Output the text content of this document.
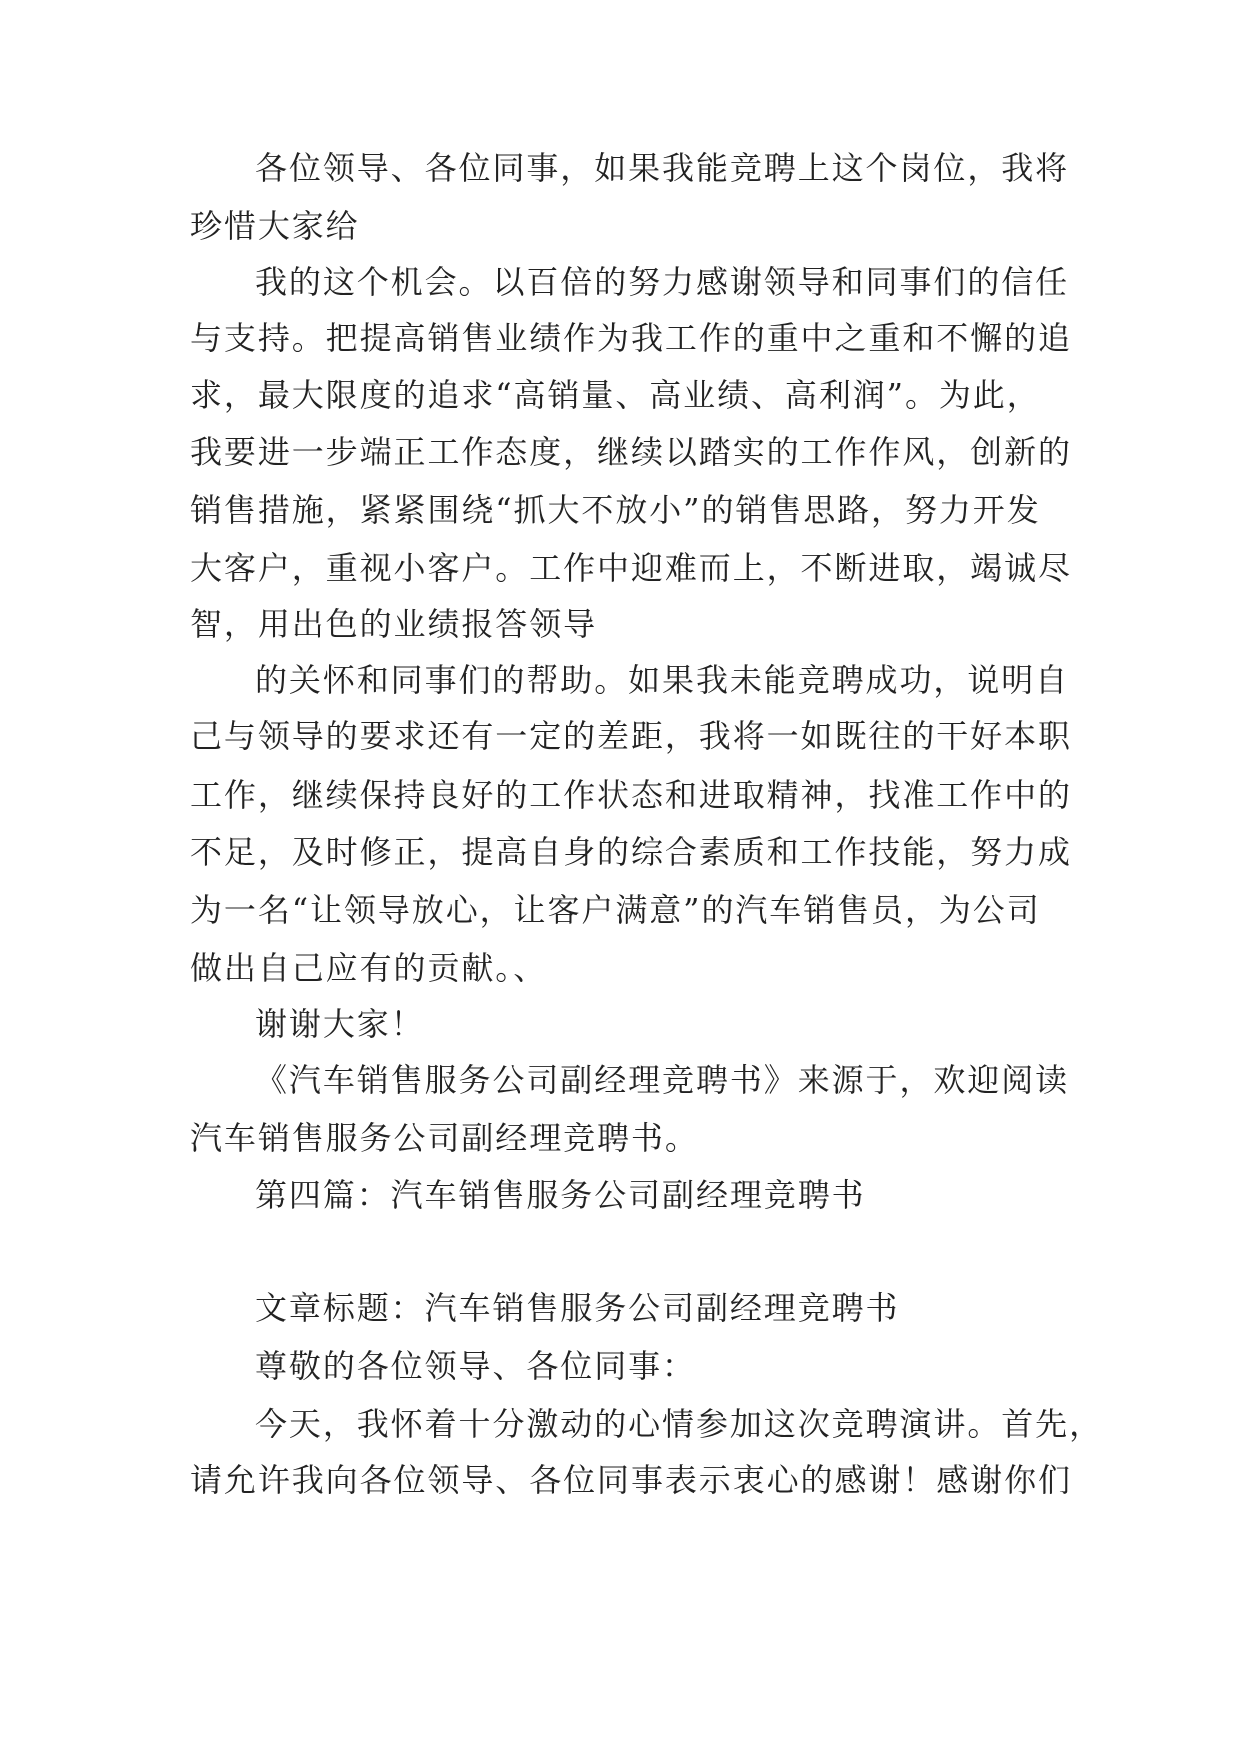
各位领导、各位同事，如果我能竞聘上这个岗位，我将
珍惜大家给
我的这个机会。以百倍的努力感谢领导和同事们的信任
与支持。把提高销售业绩作为我工作的重中之重和不懈的追
求，最大限度的追求“高销量、高业绩、高利润”。为此，
我要进一步端正工作态度，继续以踏实的工作作风，创新的
销售措施，紧紧围绕“抓大不放小”的销售思路，努力开发
大客户，重视小客户。工作中迎难而上，不断进取，竭诚尽
智，用出色的业绩报答领导
的关怀和同事们的帮助。如果我未能竞聘成功，说明自
己与领导的要求还有一定的差距，我将一如既往的干好本职
工作，继续保持良好的工作状态和进取精神，找准工作中的
不足，及时修正，提高自身的综合素质和工作技能，努力成
为一名“让领导放心，让客户满意”的汽车销售员，为公司
做出自己应有的贡献。、
谢谢大家！
《汽车销售服务公司副经理竞聘书》来源于，欢迎阅读
汽车销售服务公司副经理竞聘书。
第四篇：汽车销售服务公司副经理竞聘书
文章标题：汽车销售服务公司副经理竞聘书
尊敬的各位领导、各位同事：
今天，我怀着十分激动的心情参加这次竞聘演讲。首先，
请允许我向各位领导、各位同事表示衷心的感谢！感谢你们
